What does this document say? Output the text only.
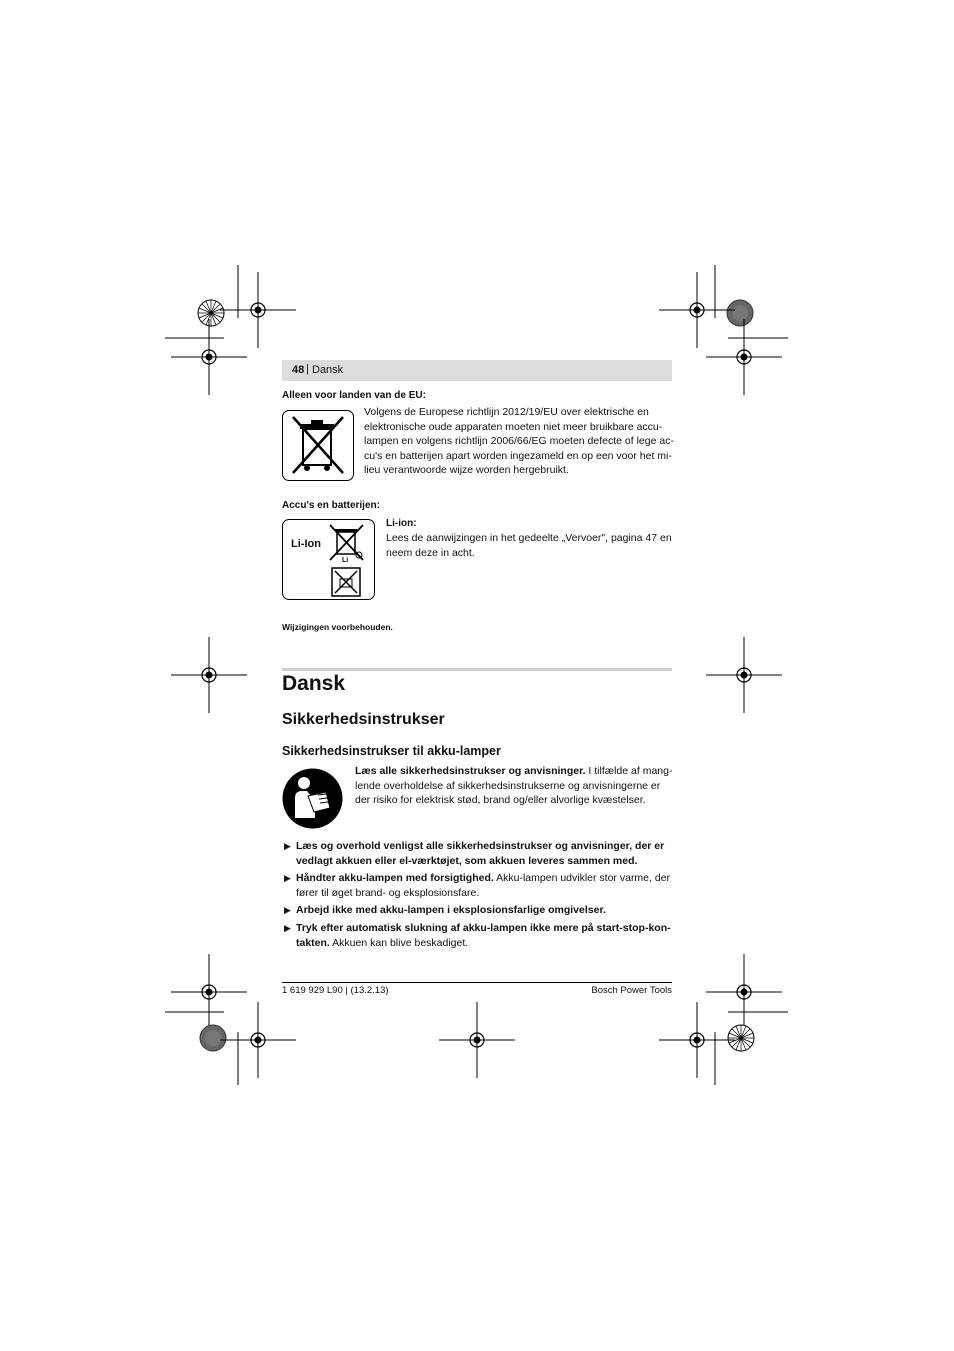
48 | Dansk
Alleen voor landen van de EU:
Volgens de Europese richtlijn 2012/19/EU over elektrische en
elektronische oude apparaten moeten niet meer bruikbare accu-
lampen en volgens richtlijn 2006/66/EG moeten defecte of lege ac-
cu's en batterijen apart worden ingezameld en op een voor het mi-
lieu verantwoorde wijze worden hergebruikt.
Accu's en batterijen:
Li-Ion
Li
Li-ion:
Lees de aanwijzingen in het gedeelte „Vervoer", pagina 47 en
neem deze in acht.
Wijzigingen voorbehouden.
Dansk
Sikkerhedsinstrukser
Sikkerhedsinstrukser til akku-lamper
Læs alle sikkerhedsinstrukser og anvisninger. I tilfælde af mang-
lende overholdelse af sikkerhedsinstrukserne og anvisningerne er
der risiko for elektrisk stød, brand og/eller alvorlige kvæstelser.
▶ Læs og overhold venligst alle sikkerhedsinstrukser og anvisninger, der er
vedlagt akkuen eller el-værktøjet, som akkuen leveres sammen med.
▶ Håndter akku-lampen med forsigtighed. Akku-lampen udvikler stor varme, der
fører til øget brand- og eksplosionsfare.
▶ Arbejd ikke med akku-lampen i eksplosionsfarlige omgivelser.
▶ Tryk efter automatisk slukning af akku-lampen ikke mere på start-stop-kon-
takten. Akkuen kan blive beskadiget.
1 619 929 L90 | (13.2.13)	Bosch Power Tools
